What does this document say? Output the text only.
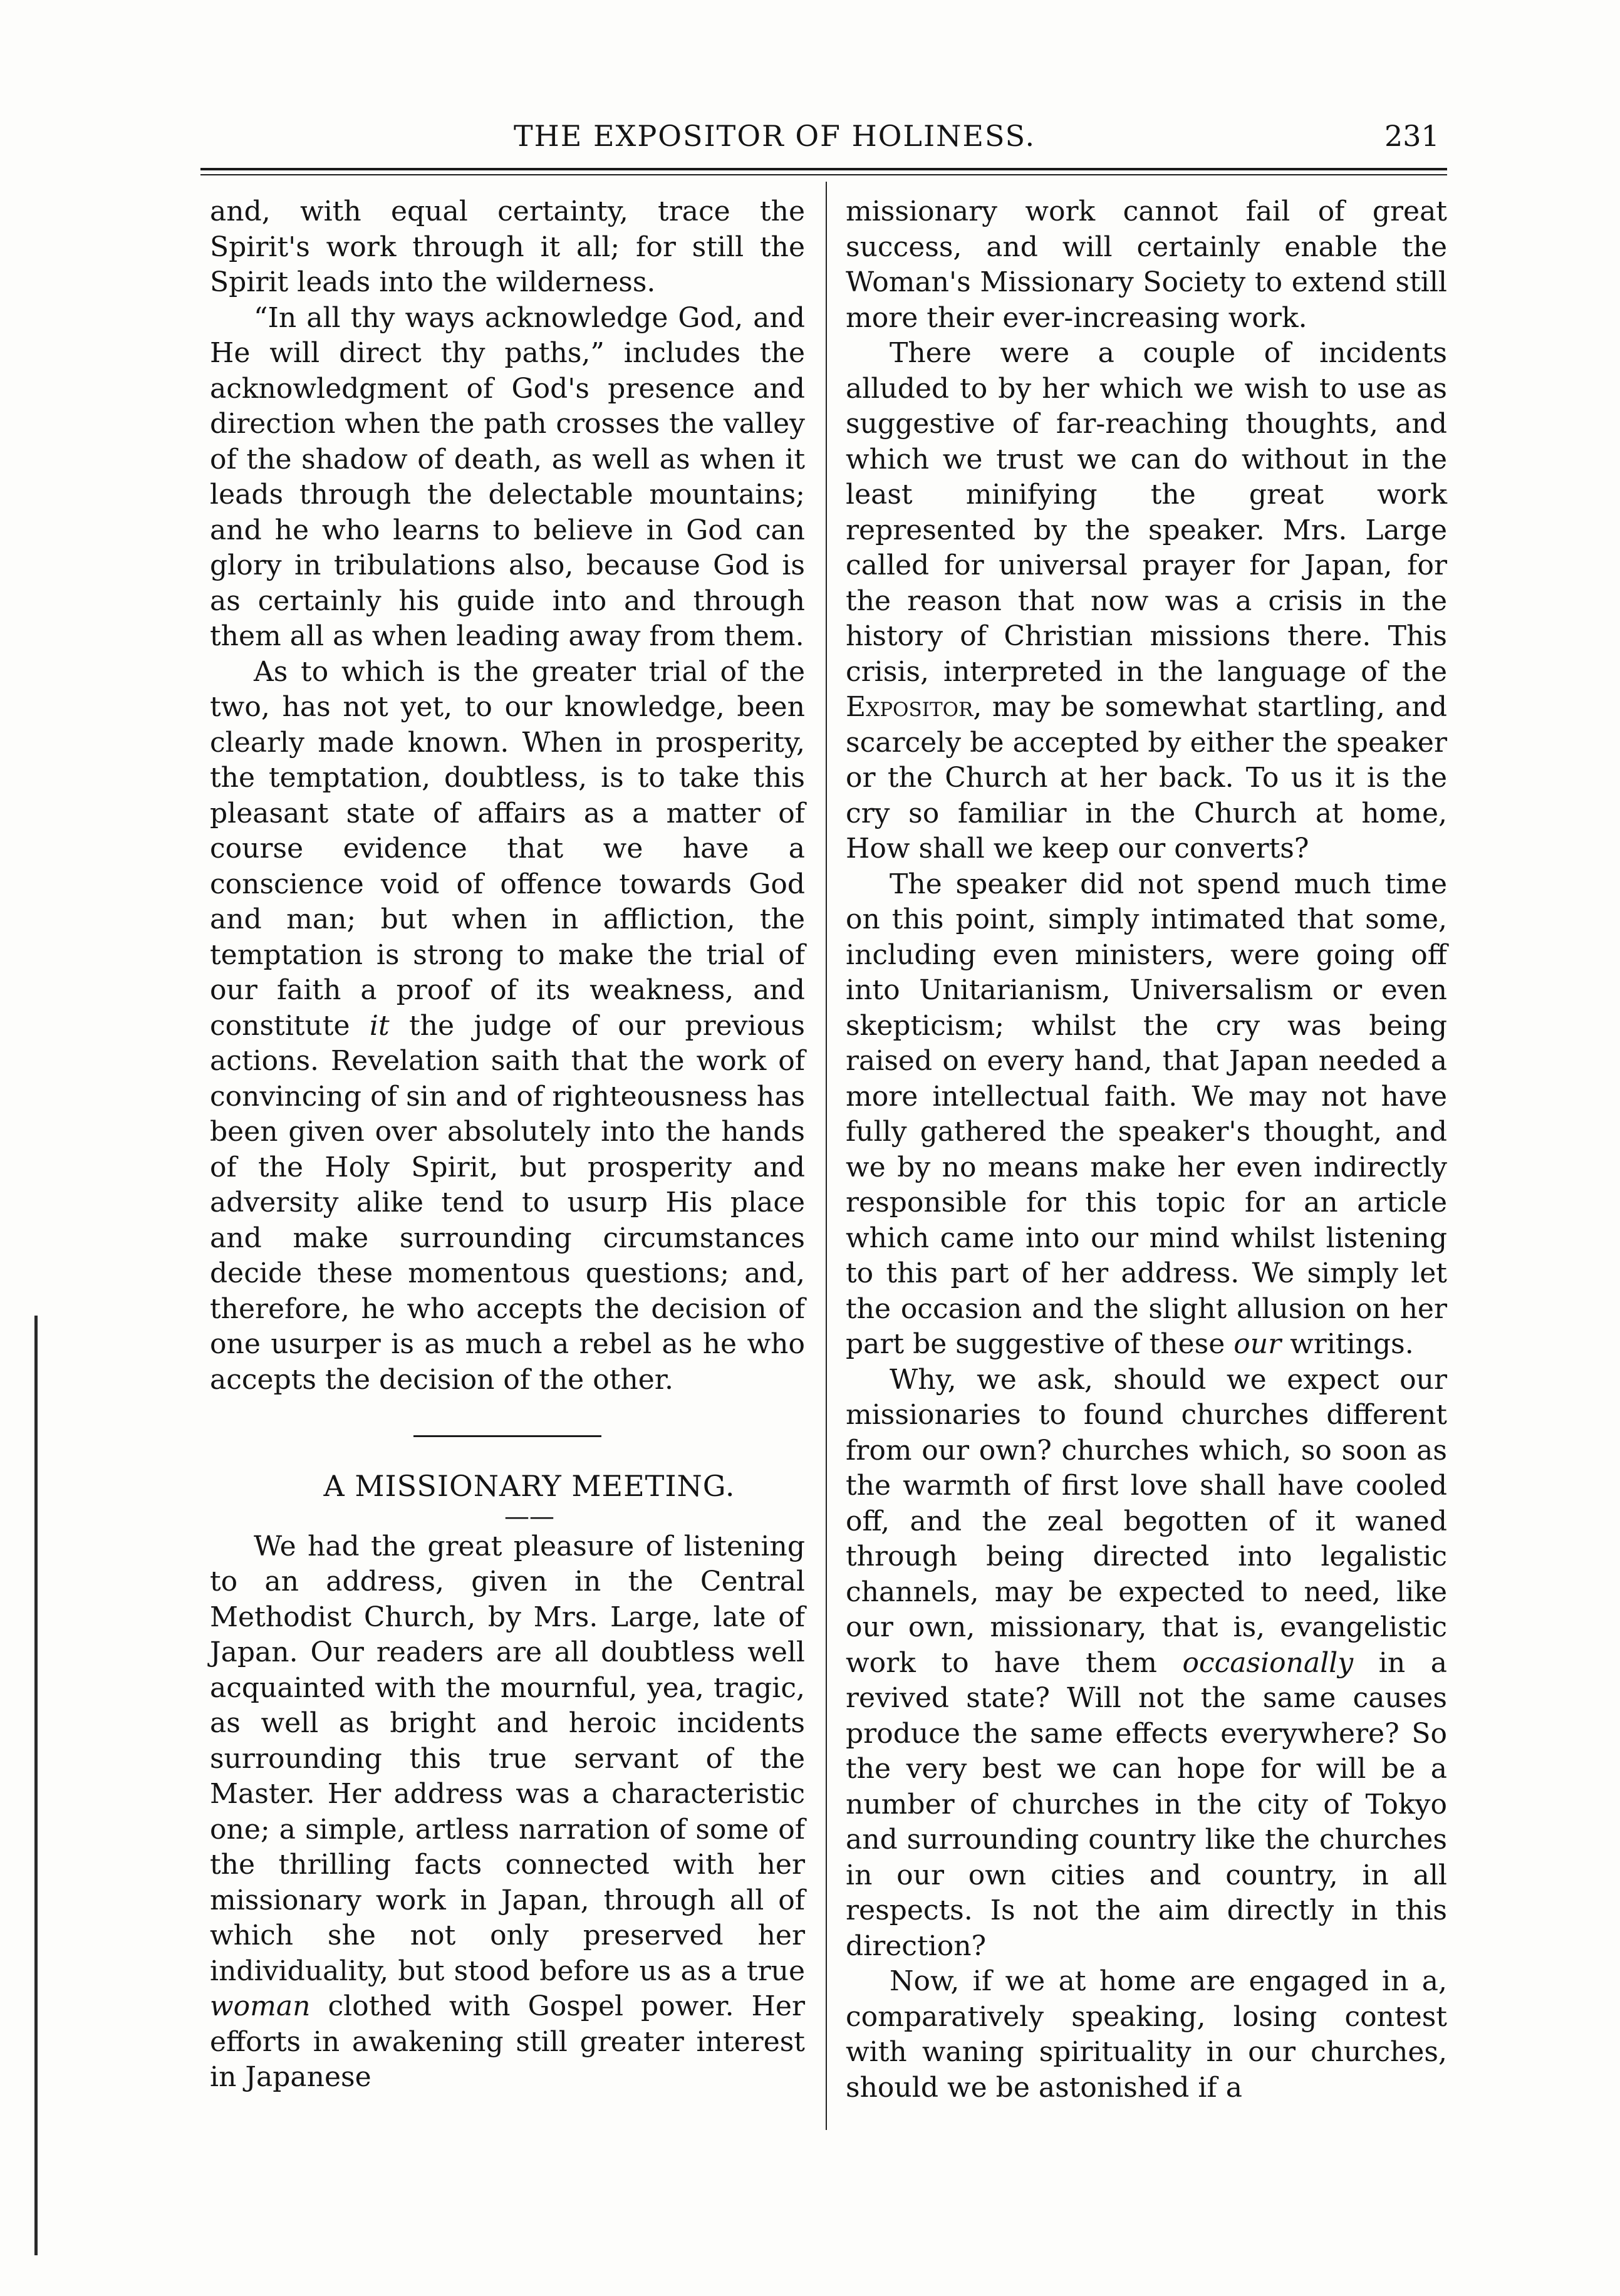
THE EXPOSITOR OF HOLINESS.	231

and, with equal certainty, trace the Spirit's work through it all; for still the Spirit leads into the wilderness.

“In all thy ways acknowledge God, and He will direct thy paths,” includes the acknowledgment of God's presence and direction when the path crosses the valley of the shadow of death, as well as when it leads through the delectable mountains; and he who learns to believe in God can glory in tribulations also, because God is as certainly his guide into and through them all as when leading away from them.

As to which is the greater trial of the two, has not yet, to our knowledge, been clearly made known. When in prosperity, the temptation, doubtless, is to take this pleasant state of affairs as a matter of course evidence that we have a conscience void of offence towards God and man; but when in affliction, the temptation is strong to make the trial of our faith a proof of its weakness, and constitute it the judge of our previous actions. Revelation saith that the work of convincing of sin and of righteousness has been given over absolutely into the hands of the Holy Spirit, but prosperity and adversity alike tend to usurp His place and make surrounding circumstances decide these momentous questions; and, therefore, he who accepts the decision of one usurper is as much a rebel as he who accepts the decision of the other.

A MISSIONARY MEETING.

——

We had the great pleasure of listening to an address, given in the Central Methodist Church, by Mrs. Large, late of Japan. Our readers are all doubtless well acquainted with the mournful, yea, tragic, as well as bright and heroic incidents surrounding this true servant of the Master. Her address was a characteristic one; a simple, artless narration of some of the thrilling facts connected with her missionary work in Japan, through all of which she not only preserved her individuality, but stood before us as a true woman clothed with Gospel power. Her efforts in awakening still greater interest in Japanese

missionary work cannot fail of great success, and will certainly enable the Woman's Missionary Society to extend still more their ever-increasing work.

There were a couple of incidents alluded to by her which we wish to use as suggestive of far-reaching thoughts, and which we trust we can do without in the least minifying the great work represented by the speaker. Mrs. Large called for universal prayer for Japan, for the reason that now was a crisis in the history of Christian missions there. This crisis, interpreted in the language of the Expositor, may be somewhat startling, and scarcely be accepted by either the speaker or the Church at her back. To us it is the cry so familiar in the Church at home, How shall we keep our converts?

The speaker did not spend much time on this point, simply intimated that some, including even ministers, were going off into Unitarianism, Universalism or even skepticism; whilst the cry was being raised on every hand, that Japan needed a more intellectual faith. We may not have fully gathered the speaker's thought, and we by no means make her even indirectly responsible for this topic for an article which came into our mind whilst listening to this part of her address. We simply let the occasion and the slight allusion on her part be suggestive of these our writings.

Why, we ask, should we expect our missionaries to found churches different from our own? churches which, so soon as the warmth of first love shall have cooled off, and the zeal begotten of it waned through being directed into legalistic channels, may be expected to need, like our own, missionary, that is, evangelistic work to have them occasionally in a revived state? Will not the same causes produce the same effects everywhere? So the very best we can hope for will be a number of churches in the city of Tokyo and surrounding country like the churches in our own cities and country, in all respects. Is not the aim directly in this direction?

Now, if we at home are engaged in a, comparatively speaking, losing contest with waning spirituality in our churches, should we be astonished if a
